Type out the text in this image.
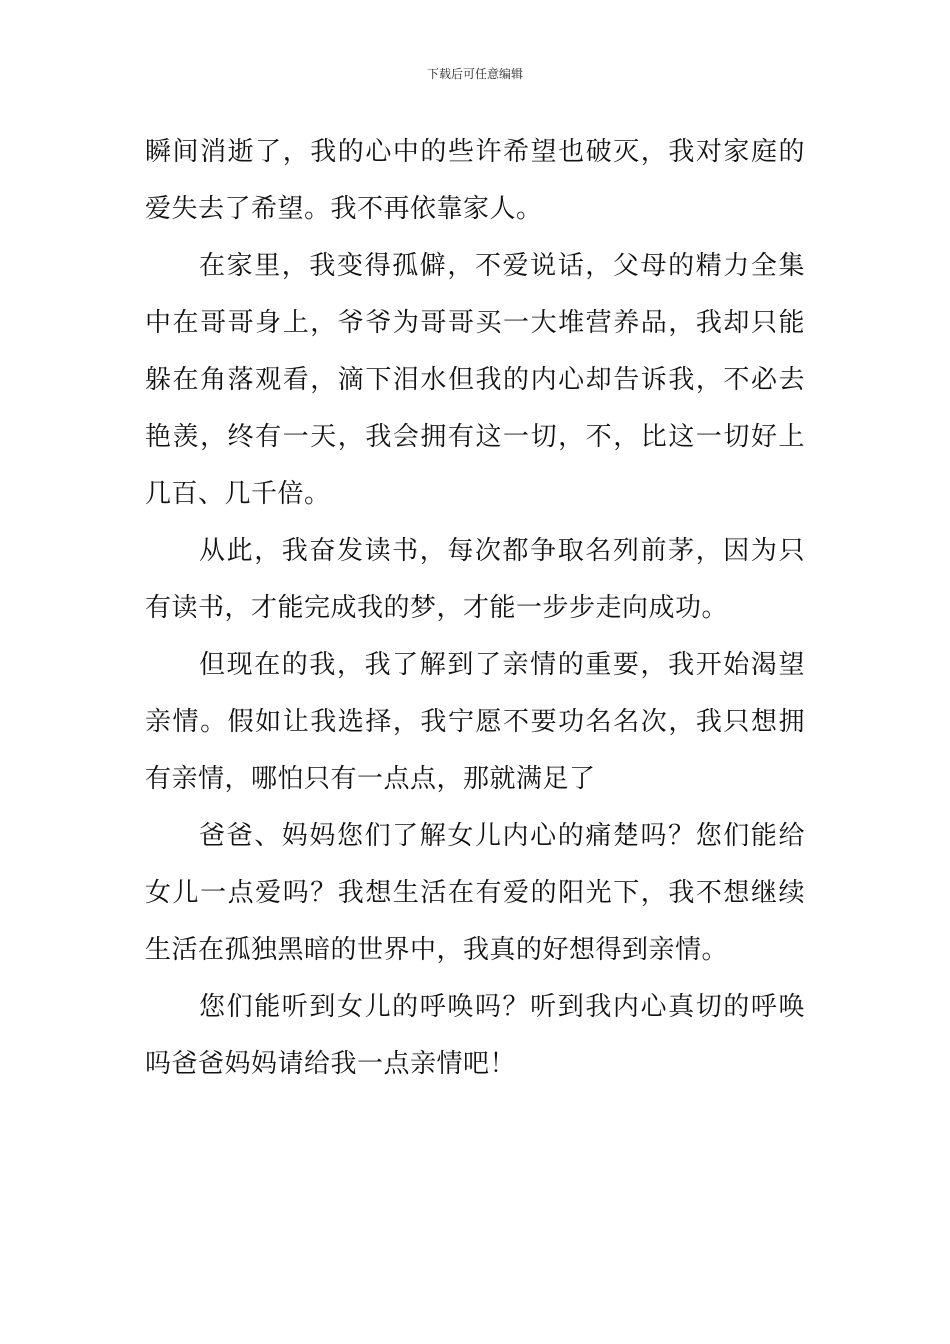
下载后可任意编辑

瞬间消逝了，我的心中的些许希望也破灭，我对家庭的爱失去了希望。我不再依靠家人。

在家里，我变得孤僻，不爱说话，父母的精力全集中在哥哥身上，爷爷为哥哥买一大堆营养品，我却只能躲在角落观看，滴下泪水但我的内心却告诉我，不必去艳羡，终有一天，我会拥有这一切，不，比这一切好上几百、几千倍。

从此，我奋发读书，每次都争取名列前茅，因为只有读书，才能完成我的梦，才能一步步走向成功。

但现在的我，我了解到了亲情的重要，我开始渴望亲情。假如让我选择，我宁愿不要功名名次，我只想拥有亲情，哪怕只有一点点，那就满足了

爸爸、妈妈您们了解女儿内心的痛楚吗？您们能给女儿一点爱吗？我想生活在有爱的阳光下，我不想继续生活在孤独黑暗的世界中，我真的好想得到亲情。

您们能听到女儿的呼唤吗？听到我内心真切的呼唤吗爸爸妈妈请给我一点亲情吧！
